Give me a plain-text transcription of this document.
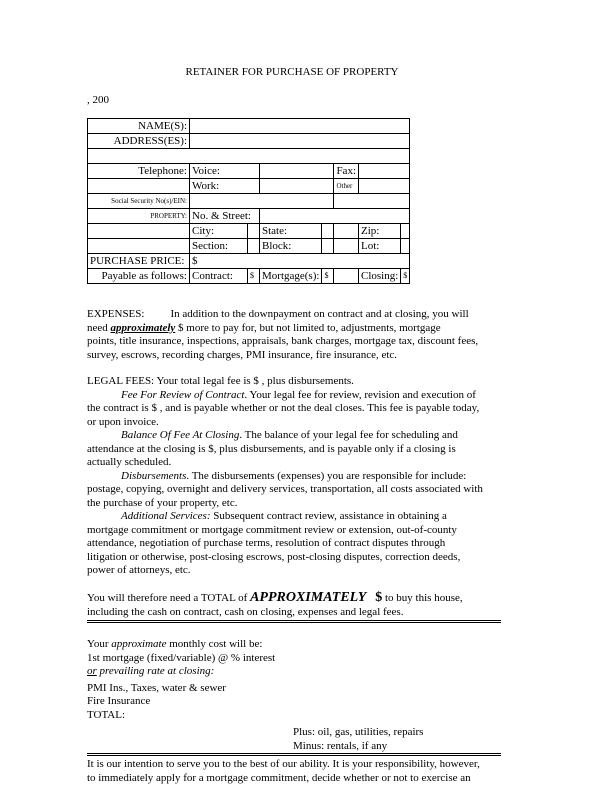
RETAINER FOR PURCHASE OF PROPERTY
, 200
NAME(S):							
ADDRESS(ES):							

Telephone:	Voice:				Fax:		
	Work:				Other		
Social Security No(s)/EIN:							
PROPERTY:	No. & Street:						
	City:		State:			Zip:	
	Section:		Block:			Lot:	
PURCHASE PRICE:	$						
Payable as follows:	Contract:	$	Mortgage(s):	$		Closing:	$
EXPENSES: In addition to the downpayment on contract and at closing, you will
need approximately $ more to pay for, but not limited to, adjustments, mortgage
points, title insurance, inspections, appraisals, bank charges, mortgage tax, discount fees,
survey, escrows, recording charges, PMI insurance, fire insurance, etc.
LEGAL FEES: Your total legal fee is $ , plus disbursements.
Fee For Review of Contract. Your legal fee for review, revision and execution of
the contract is $ , and is payable whether or not the deal closes. This fee is payable today,
or upon invoice.
Balance Of Fee At Closing. The balance of your legal fee for scheduling and
attendance at the closing is $, plus disbursements, and is payable only if a closing is
actually scheduled.
Disbursements. The disbursements (expenses) you are responsible for include:
postage, copying, overnight and delivery services, transportation, all costs associated with
the purchase of your property, etc.
Additional Services: Subsequent contract review, assistance in obtaining a
mortgage commitment or mortgage commitment review or extension, out-of-county
attendance, negotiation of purchase terms, resolution of contract disputes through
litigation or otherwise, post-closing escrows, post-closing disputes, correction deeds,
power of attorneys, etc.
You will therefore need a TOTAL of APPROXIMATELY $ to buy this house,
including the cash on contract, cash on closing, expenses and legal fees.
Your approximate monthly cost will be:
1st mortgage (fixed/variable) @ % interest
or prevailing rate at closing:
PMI Ins., Taxes, water & sewer
Fire Insurance
TOTAL:
Plus: oil, gas, utilities, repairs
Minus: rentals, if any
It is our intention to serve you to the best of our ability. It is your responsibility, however,
to immediately apply for a mortgage commitment, decide whether or not to exercise an
